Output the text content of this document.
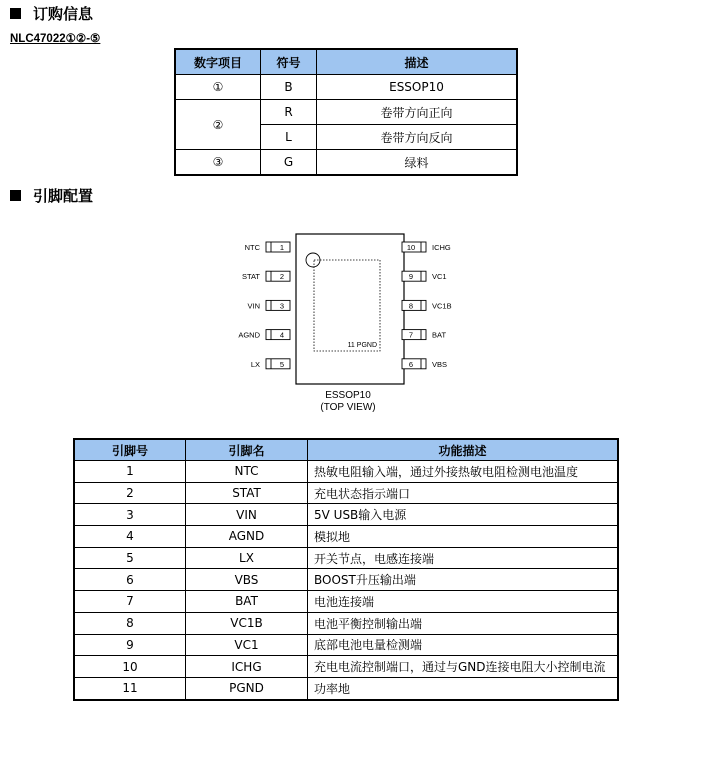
订购信息
NLC47022①②-⑤
数字项目	符号	描述
①	B	ESSOP10
②	R	卷带方向正向
	L	卷带方向反向
③	G	绿料
引脚配置
11 PGND
1
NTC
2
STAT
3
VIN
4
AGND
5
LX
10 ICHG
9	VC1
8	VC1B
7	BAT
6	VBS
ESSOP10
(TOP VIEW)
引脚号	引脚名	功能描述
1	NTC	热敏电阻输入端，通过外接热敏电阻检测电池温度
2	STAT	充电状态指示端口
3	VIN	5V USB输入电源
4	AGND	模拟地
5	LX	开关节点，电感连接端
6	VBS	BOOST升压输出端
7	BAT	电池连接端
8	VC1B	电池平衡控制输出端
9	VC1	底部电池电量检测端
10	ICHG	充电电流控制端口，通过与GND连接电阻大小控制电流
11	PGND	功率地
